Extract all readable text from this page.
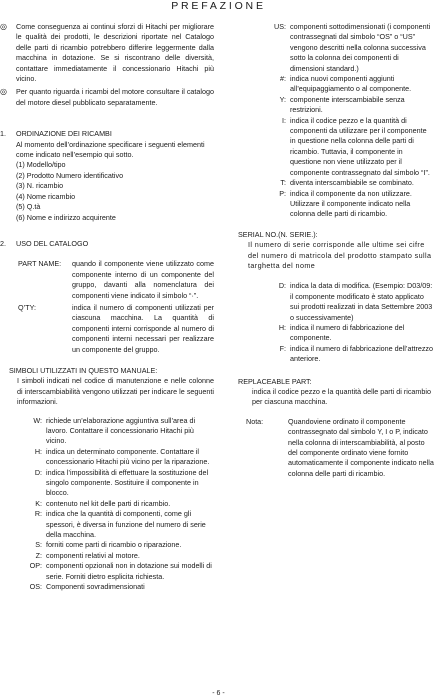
PREFAZIONE
◎	Come conseguenza ai continui sforzi di Hitachi per migliorare le qualità dei prodotti, le descrizioni riportate nel Catalogo delle parti di ricambio potrebbero differire leggermente dalla macchina in dotazione. Se si riscontrano delle diversità, contattare immediatamente il concessionario Hitachi più vicino.
◎	Per quanto riguarda i ricambi del motore consultare il catalogo del motore diesel pubblicato separatamente.
1.	ORDINAZIONE DEI RICAMBI

Al momento dell’ordinazione specificare i seguenti elementi come indicato nell’esempio qui sotto.

(1) Modello/tipo

(2) Prodotto Numero identificativo

(3) N. ricambio

(4) Nome ricambio

(5) Q.tà

(6) Nome e indirizzo acquirente

2.	USO DEL CATALOGO
PART NAME:	quando il componente viene utilizzato come componente interno di un componente del gruppo, davanti alla nomenclatura dei componenti viene indicato il simbolo “·”.
Q’TY:	indica il numero di componenti utilizzati per ciascuna macchina. La quantità di componenti interni corrisponde al numero di componenti interni necessari per realizzare un componente del gruppo.

SIMBOLI UTILIZZATI IN QUESTO MANUALE:

I simboli indicati nel codice di manutenzione e nelle colonne di interscambiabilità vengono utilizzati per indicare le seguenti informazioni.

W: richiede un’elaborazione aggiuntiva sull’area di lavoro. Contattare il concessionario Hitachi più vicino.
H: indica un determinato componente. Contattare il concessionario Hitachi più vicino per la riparazione.
D: indica l’impossibilità di effettuare la sostituzione del singolo componente. Sostituire il componente in blocco.
K: contenuto nel kit delle parti di ricambio.
R: indica che la quantità di componenti, come gli spessori, è diversa in funzione del numero di serie della macchina.
S: forniti come parti di ricambio o riparazione.
Z: componenti relativi al motore.
OP: componenti opzionali non in dotazione sui modelli di serie. Forniti dietro esplicita richiesta.
OS: Componenti sovradimensionati
US: componenti sottodimensionati (i componenti contrassegnati dal simbolo “OS” o “US” vengono descritti nella colonna successiva sotto la colonna dei componenti di dimensioni standard.)
#: indica nuovi componenti aggiunti all’equipaggiamento o al componente.
Y: componente interscambiabile senza restrizioni.
I: indica il codice pezzo e la quantità di componenti da utilizzare per il componente in questione nella colonna delle parti di ricambio. Tuttavia, il componente in questione non viene utilizzato per il componente contrassegnato dal simbolo “I”.
T: diventa interscambiabile se combinato.
P: indica il componente da non utilizzare. Utilizzare il componente indicato nella colonna delle parti di ricambio.

SERIAL NO.(N. SERIE.):

Il numero di serie corrisponde alle ultime sei cifre del numero di matricola del prodotto stampato sulla targhetta del nome

D: indica la data di modifica. (Esempio: D03/09: il componente modificato è stato applicato sui prodotti realizzati in data Settembre 2003 o successivamente)
H: indica il numero di fabbricazione del componente.
F: indica il numero di fabbricazione dell’attrezzo anteriore.

REPLACEABLE PART:

indica il codice pezzo e la quantità delle parti di ricambio per ciascuna macchina.

Nota:	Quandoviene ordinato il componente contrassegnato dal simbolo Y, I o P, indicato nella colonna di interscambiabilità, al posto del componente ordinato viene fornito automaticamente il componente indicato nella colonna delle parti di ricambio.
- 6 -
